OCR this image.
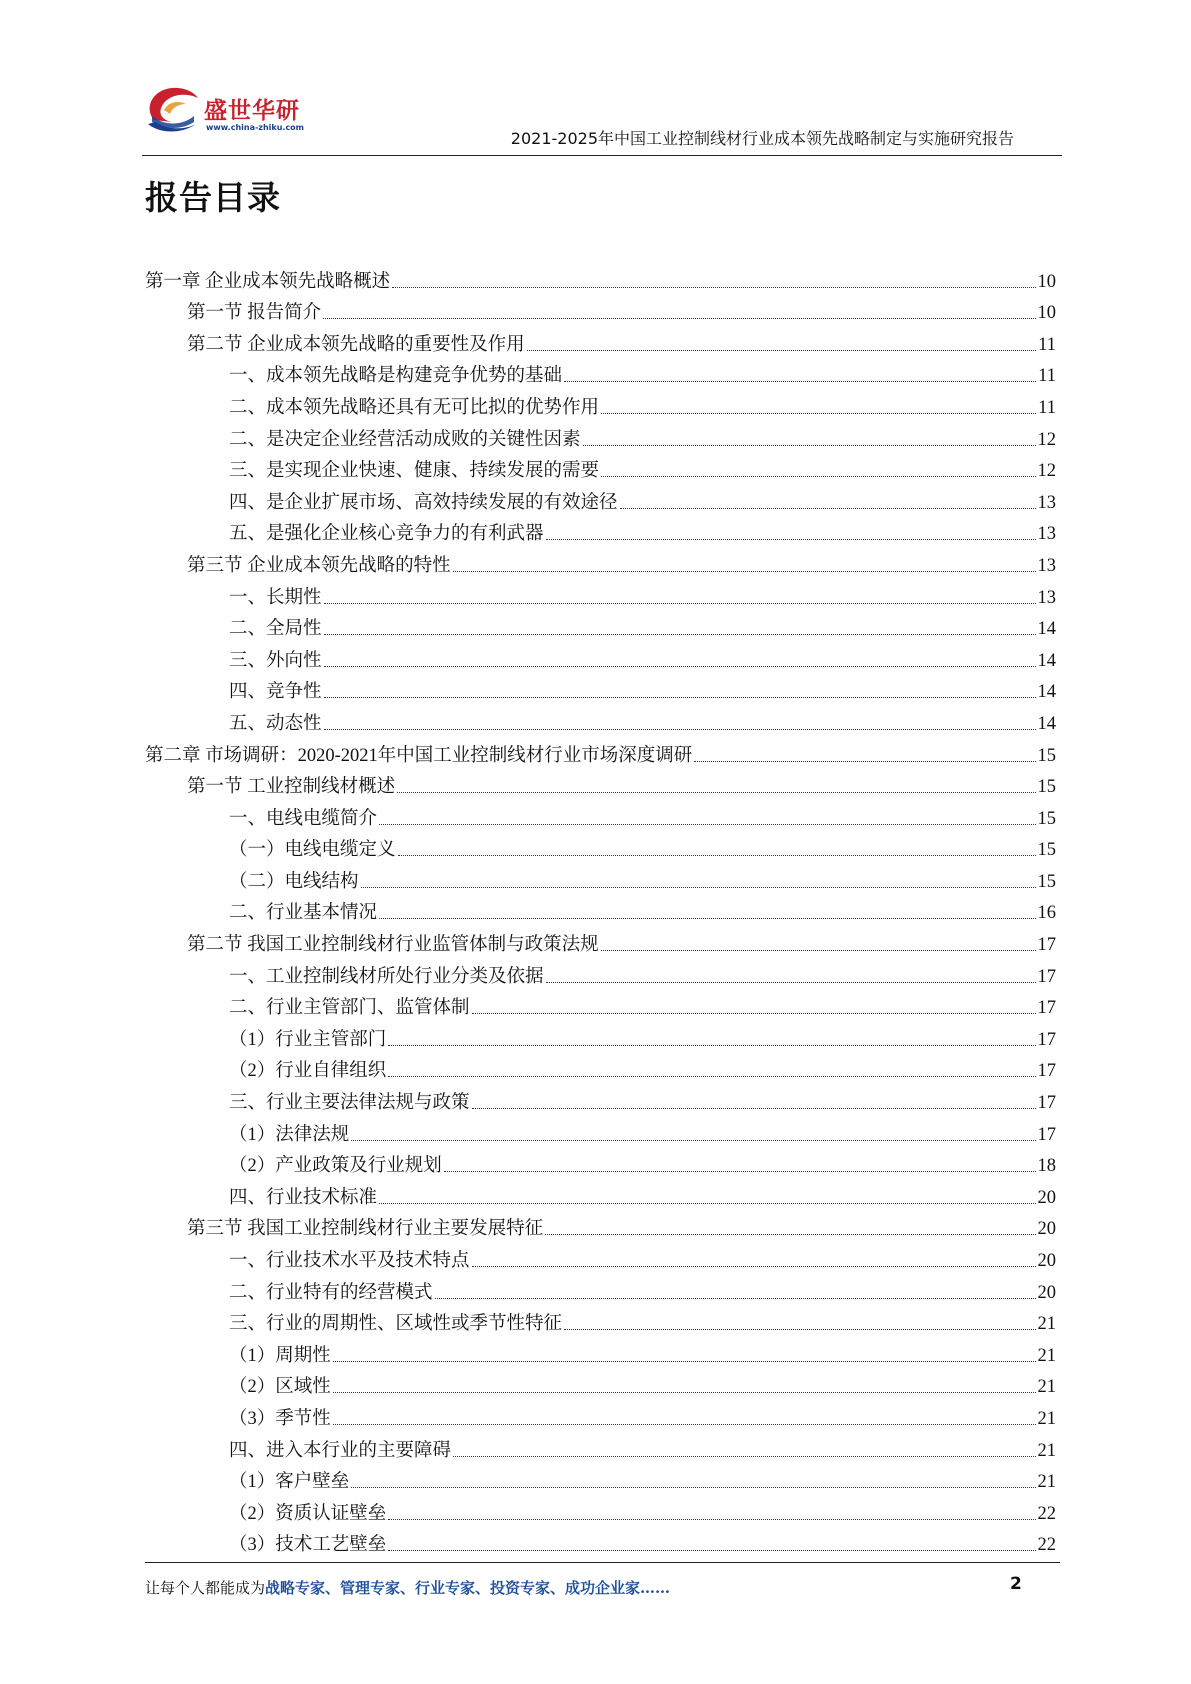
盛世华研
www.china-zhiku.com
2021-2025年中国工业控制线材行业成本领先战略制定与实施研究报告
报告目录
第一章 企业成本领先战略概述	10
第一节 报告简介	10
第二节 企业成本领先战略的重要性及作用	11
一、成本领先战略是构建竞争优势的基础	11
二、成本领先战略还具有无可比拟的优势作用	11
二、是决定企业经营活动成败的关键性因素	12
三、是实现企业快速、健康、持续发展的需要	12
四、是企业扩展市场、高效持续发展的有效途径	13
五、是强化企业核心竞争力的有利武器	13
第三节 企业成本领先战略的特性	13
一、长期性	13
二、全局性	14
三、外向性	14
四、竞争性	14
五、动态性	14
第二章 市场调研：2020-2021年中国工业控制线材行业市场深度调研	15
第一节 工业控制线材概述	15
一、电线电缆简介	15
（一）电线电缆定义	15
（二）电线结构	15
二、行业基本情况	16
第二节 我国工业控制线材行业监管体制与政策法规	17
一、工业控制线材所处行业分类及依据	17
二、行业主管部门、监管体制	17
（1）行业主管部门	17
（2）行业自律组织	17
三、行业主要法律法规与政策	17
（1）法律法规	17
（2）产业政策及行业规划	18
四、行业技术标准	20
第三节 我国工业控制线材行业主要发展特征	20
一、行业技术水平及技术特点	20
二、行业特有的经营模式	20
三、行业的周期性、区域性或季节性特征	21
（1）周期性	21
（2）区域性	21
（3）季节性	21
四、进入本行业的主要障碍	21
（1）客户壁垒	21
（2）资质认证壁垒	22
（3）技术工艺壁垒	22
让每个人都能成为战略专家、管理专家、行业专家、投资专家、成功企业家……	2
